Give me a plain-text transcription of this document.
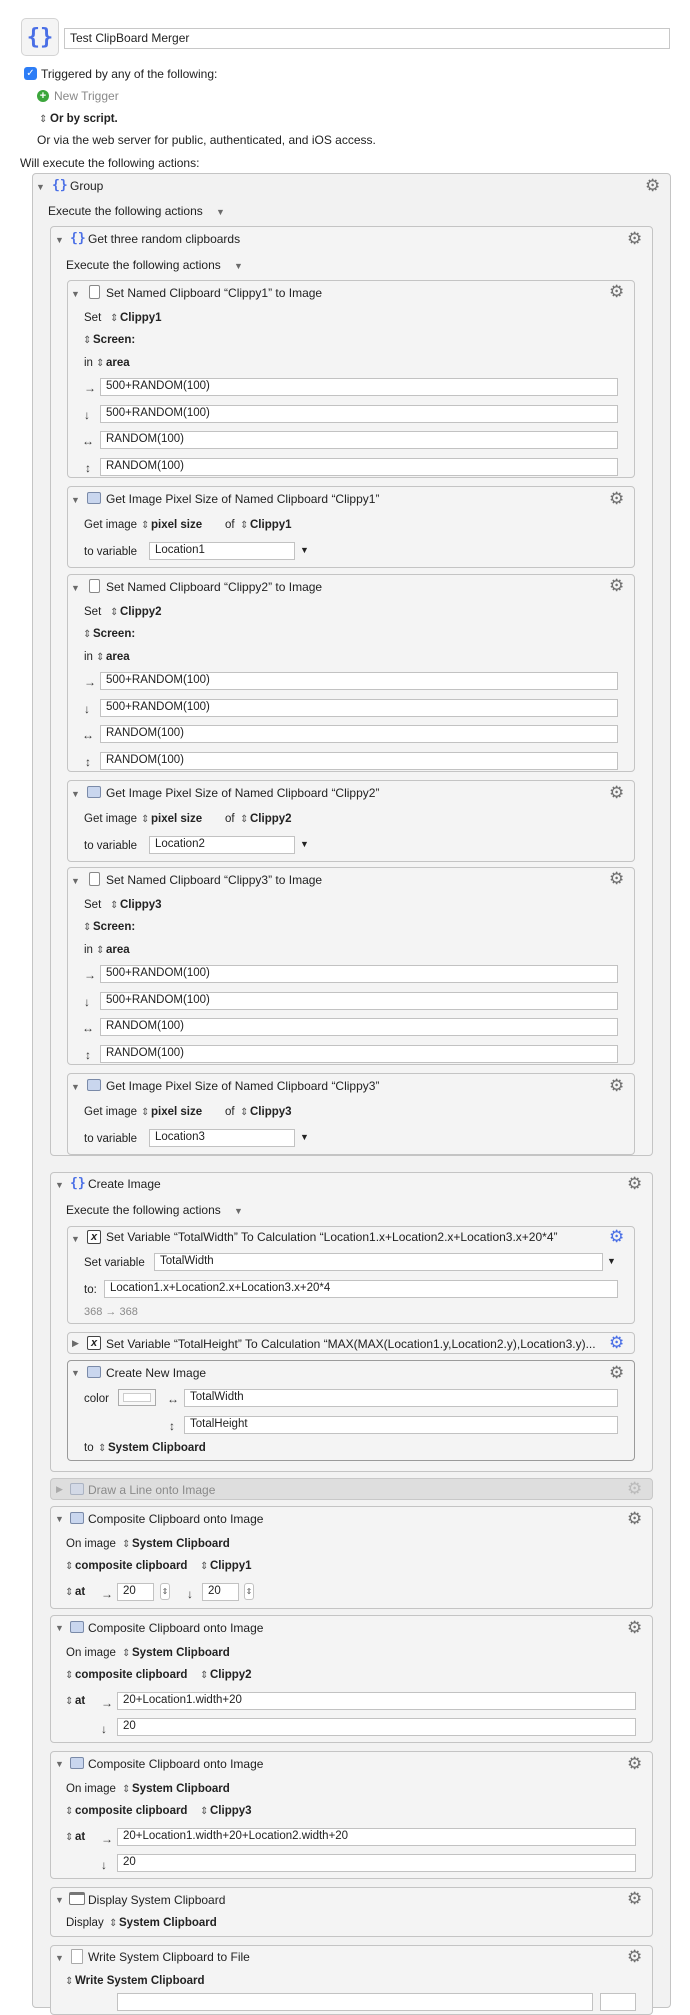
{}	Test ClipBoard Merger
✓ Triggered by any of the following:
+ New Trigger
⇕ Or by script.
Or via the web server for public, authenticated, and iOS access.
Will execute the following actions:
▼ {} Group	⚙
Execute the following actions ▼
▼ {} Get three random clipboards	⚙
Execute the following actions ▼
▼ Set Named Clipboard “Clippy1” to Image	⚙
Set ⇕ Clippy1
⇕ Screen:
in ⇕ area
→ 500+RANDOM(100)
↓	500+RANDOM(100)
↔	RANDOM(100)
↕	RANDOM(100)
▼ Get Image Pixel Size of Named Clipboard “Clippy1”	⚙
Get image ⇕ pixel size of ⇕ Clippy1
to variable	Location1	▼
▼ Set Named Clipboard “Clippy2” to Image	⚙
Set ⇕ Clippy2
⇕ Screen:
in ⇕ area
→ 500+RANDOM(100)
↓	500+RANDOM(100)
↔	RANDOM(100)
↕	RANDOM(100)
▼ Get Image Pixel Size of Named Clipboard “Clippy2”	⚙
Get image ⇕ pixel size of ⇕ Clippy2
to variable	Location2	▼
▼ Set Named Clipboard “Clippy3” to Image	⚙
Set ⇕ Clippy3
⇕ Screen:
in ⇕ area
→ 500+RANDOM(100)
↓	500+RANDOM(100)
↔	RANDOM(100)
↕	RANDOM(100)
▼ Get Image Pixel Size of Named Clipboard “Clippy3”	⚙
Get image ⇕ pixel size of ⇕ Clippy3
to variable	Location3	▼
▼ {} Create Image	⚙
Execute the following actions ▼
▼	x Set Variable “TotalWidth” To Calculation “Location1.x+Location2.x+Location3.x+20*4”	⚙
Set variable	TotalWidth	▼
to:	Location1.x+Location2.x+Location3.x+20*4
368 → 368
▶	x Set Variable “TotalHeight” To Calculation “MAX(MAX(Location1.y,Location2.y),Location3.y)... ⚙
▼ Create New Image	⚙
color	↔ TotalWidth
↕	TotalHeight
to ⇕ System Clipboard
▶ Draw a Line onto Image	⚙
▼ Composite Clipboard onto Image	⚙
On image ⇕ System Clipboard
⇕ composite clipboard ⇕ Clippy1
⇕ at → 20	⇕ ↓	20	⇕
▼ Composite Clipboard onto Image	⚙
On image ⇕ System Clipboard
⇕ composite clipboard ⇕ Clippy2
⇕ at → 20+Location1.width+20
↓	20
▼ Composite Clipboard onto Image	⚙
On image ⇕ System Clipboard
⇕ composite clipboard ⇕ Clippy3
⇕ at → 20+Location1.width+20+Location2.width+20
↓	20
▼ Display System Clipboard	⚙
Display ⇕ System Clipboard
▼ Write System Clipboard to File	⚙
⇕ Write System Clipboard
